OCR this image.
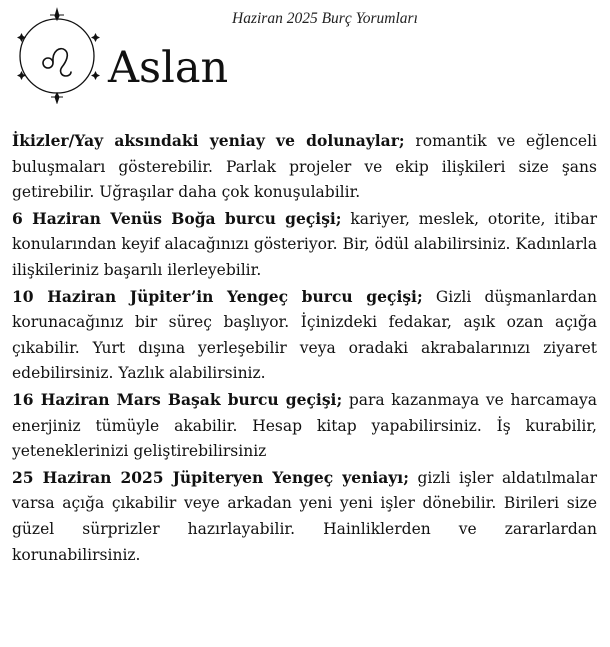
Haziran 2025 Burç Yorumları
Aslan

İkizler/Yay aksındaki yeniay ve dolunaylar; romantik ve eğlenceli buluşmaları gösterebilir. Parlak projeler ve ekip ilişkileri size şans getirebilir. Uğraşılar daha çok konuşulabilir.

6 Haziran Venüs Boğa burcu geçişi; kariyer, meslek, otorite, itibar konularından keyif alacağınızı gösteriyor. Bir, ödül alabilirsiniz. Kadınlarla ilişkileriniz başarılı ilerleyebilir.

10 Haziran Jüpiter’in Yengeç burcu geçişi; Gizli düşmanlardan korunacağınız bir süreç başlıyor. İçinizdeki fedakar, aşık ozan açığa çıkabilir. Yurt dışına yerleşebilir veya oradaki akrabalarınızı ziyaret edebilirsiniz. Yazlık alabilirsiniz.

16 Haziran Mars Başak burcu geçişi; para kazanmaya ve harcamaya enerjiniz tümüyle akabilir. Hesap kitap yapabilirsiniz. İş kurabilir, yeteneklerinizi geliştirebilirsiniz

25 Haziran 2025 Jüpiteryen Yengeç yeniayı; gizli işler aldatılmalar varsa açığa çıkabilir veye arkadan yeni yeni işler dönebilir. Birileri size güzel sürprizler hazırlayabilir. Hainliklerden ve zararlardan korunabilirsiniz.
